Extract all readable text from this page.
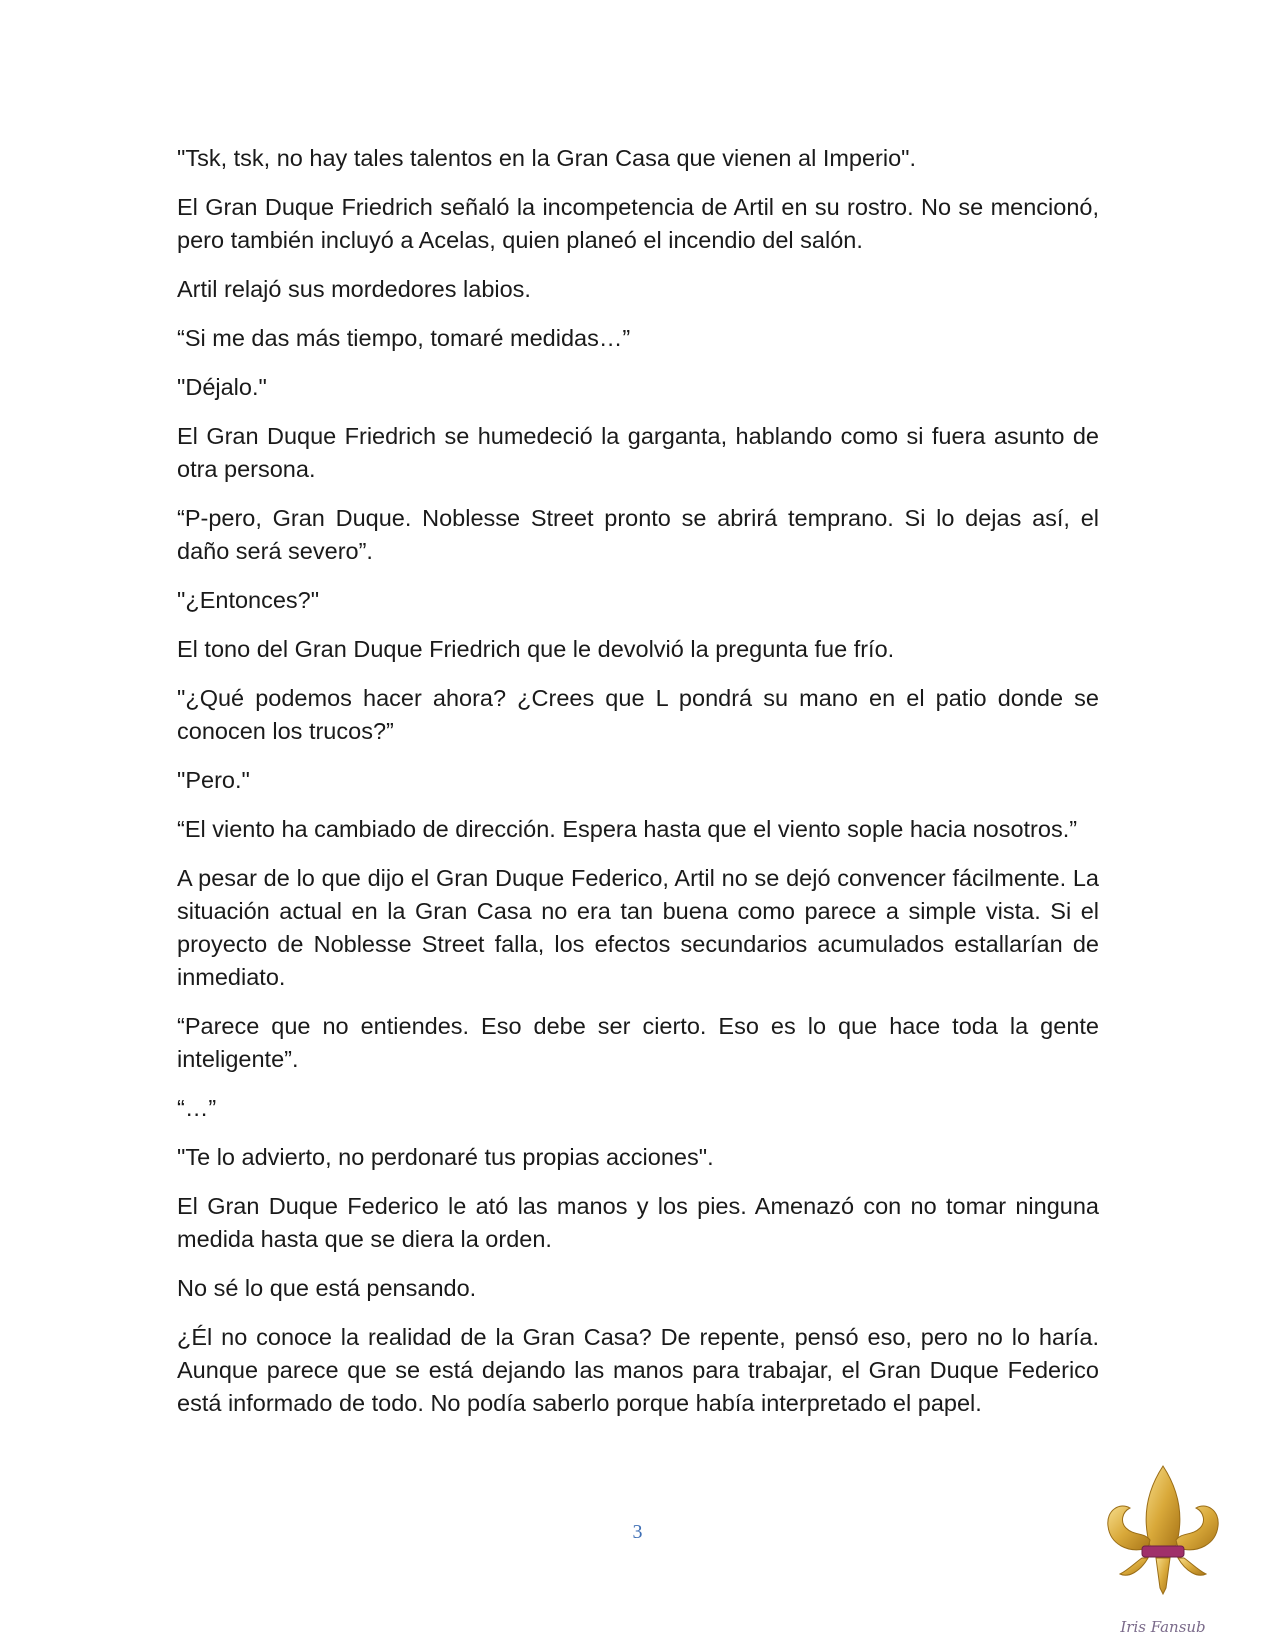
"Tsk, tsk, no hay tales talentos en la Gran Casa que vienen al Imperio".

El Gran Duque Friedrich señaló la incompetencia de Artil en su rostro. No se mencionó, pero también incluyó a Acelas, quien planeó el incendio del salón.

Artil relajó sus mordedores labios.

“Si me das más tiempo, tomaré medidas…”

"Déjalo."

El Gran Duque Friedrich se humedeció la garganta, hablando como si fuera asunto de otra persona.

“P-pero, Gran Duque. Noblesse Street pronto se abrirá temprano. Si lo dejas así, el daño será severo”.

"¿Entonces?"

El tono del Gran Duque Friedrich que le devolvió la pregunta fue frío.

"¿Qué podemos hacer ahora? ¿Crees que L pondrá su mano en el patio donde se conocen los trucos?”

"Pero."

“El viento ha cambiado de dirección. Espera hasta que el viento sople hacia nosotros.”

A pesar de lo que dijo el Gran Duque Federico, Artil no se dejó convencer fácilmente. La situación actual en la Gran Casa no era tan buena como parece a simple vista. Si el proyecto de Noblesse Street falla, los efectos secundarios acumulados estallarían de inmediato.

“Parece que no entiendes. Eso debe ser cierto. Eso es lo que hace toda la gente inteligente”.

“…”

"Te lo advierto, no perdonaré tus propias acciones".

El Gran Duque Federico le ató las manos y los pies. Amenazó con no tomar ninguna medida hasta que se diera la orden.

No sé lo que está pensando.

¿Él no conoce la realidad de la Gran Casa? De repente, pensó eso, pero no lo haría. Aunque parece que se está dejando las manos para trabajar, el Gran Duque Federico está informado de todo. No podía saberlo porque había interpretado el papel.

3
Iris Fansub
